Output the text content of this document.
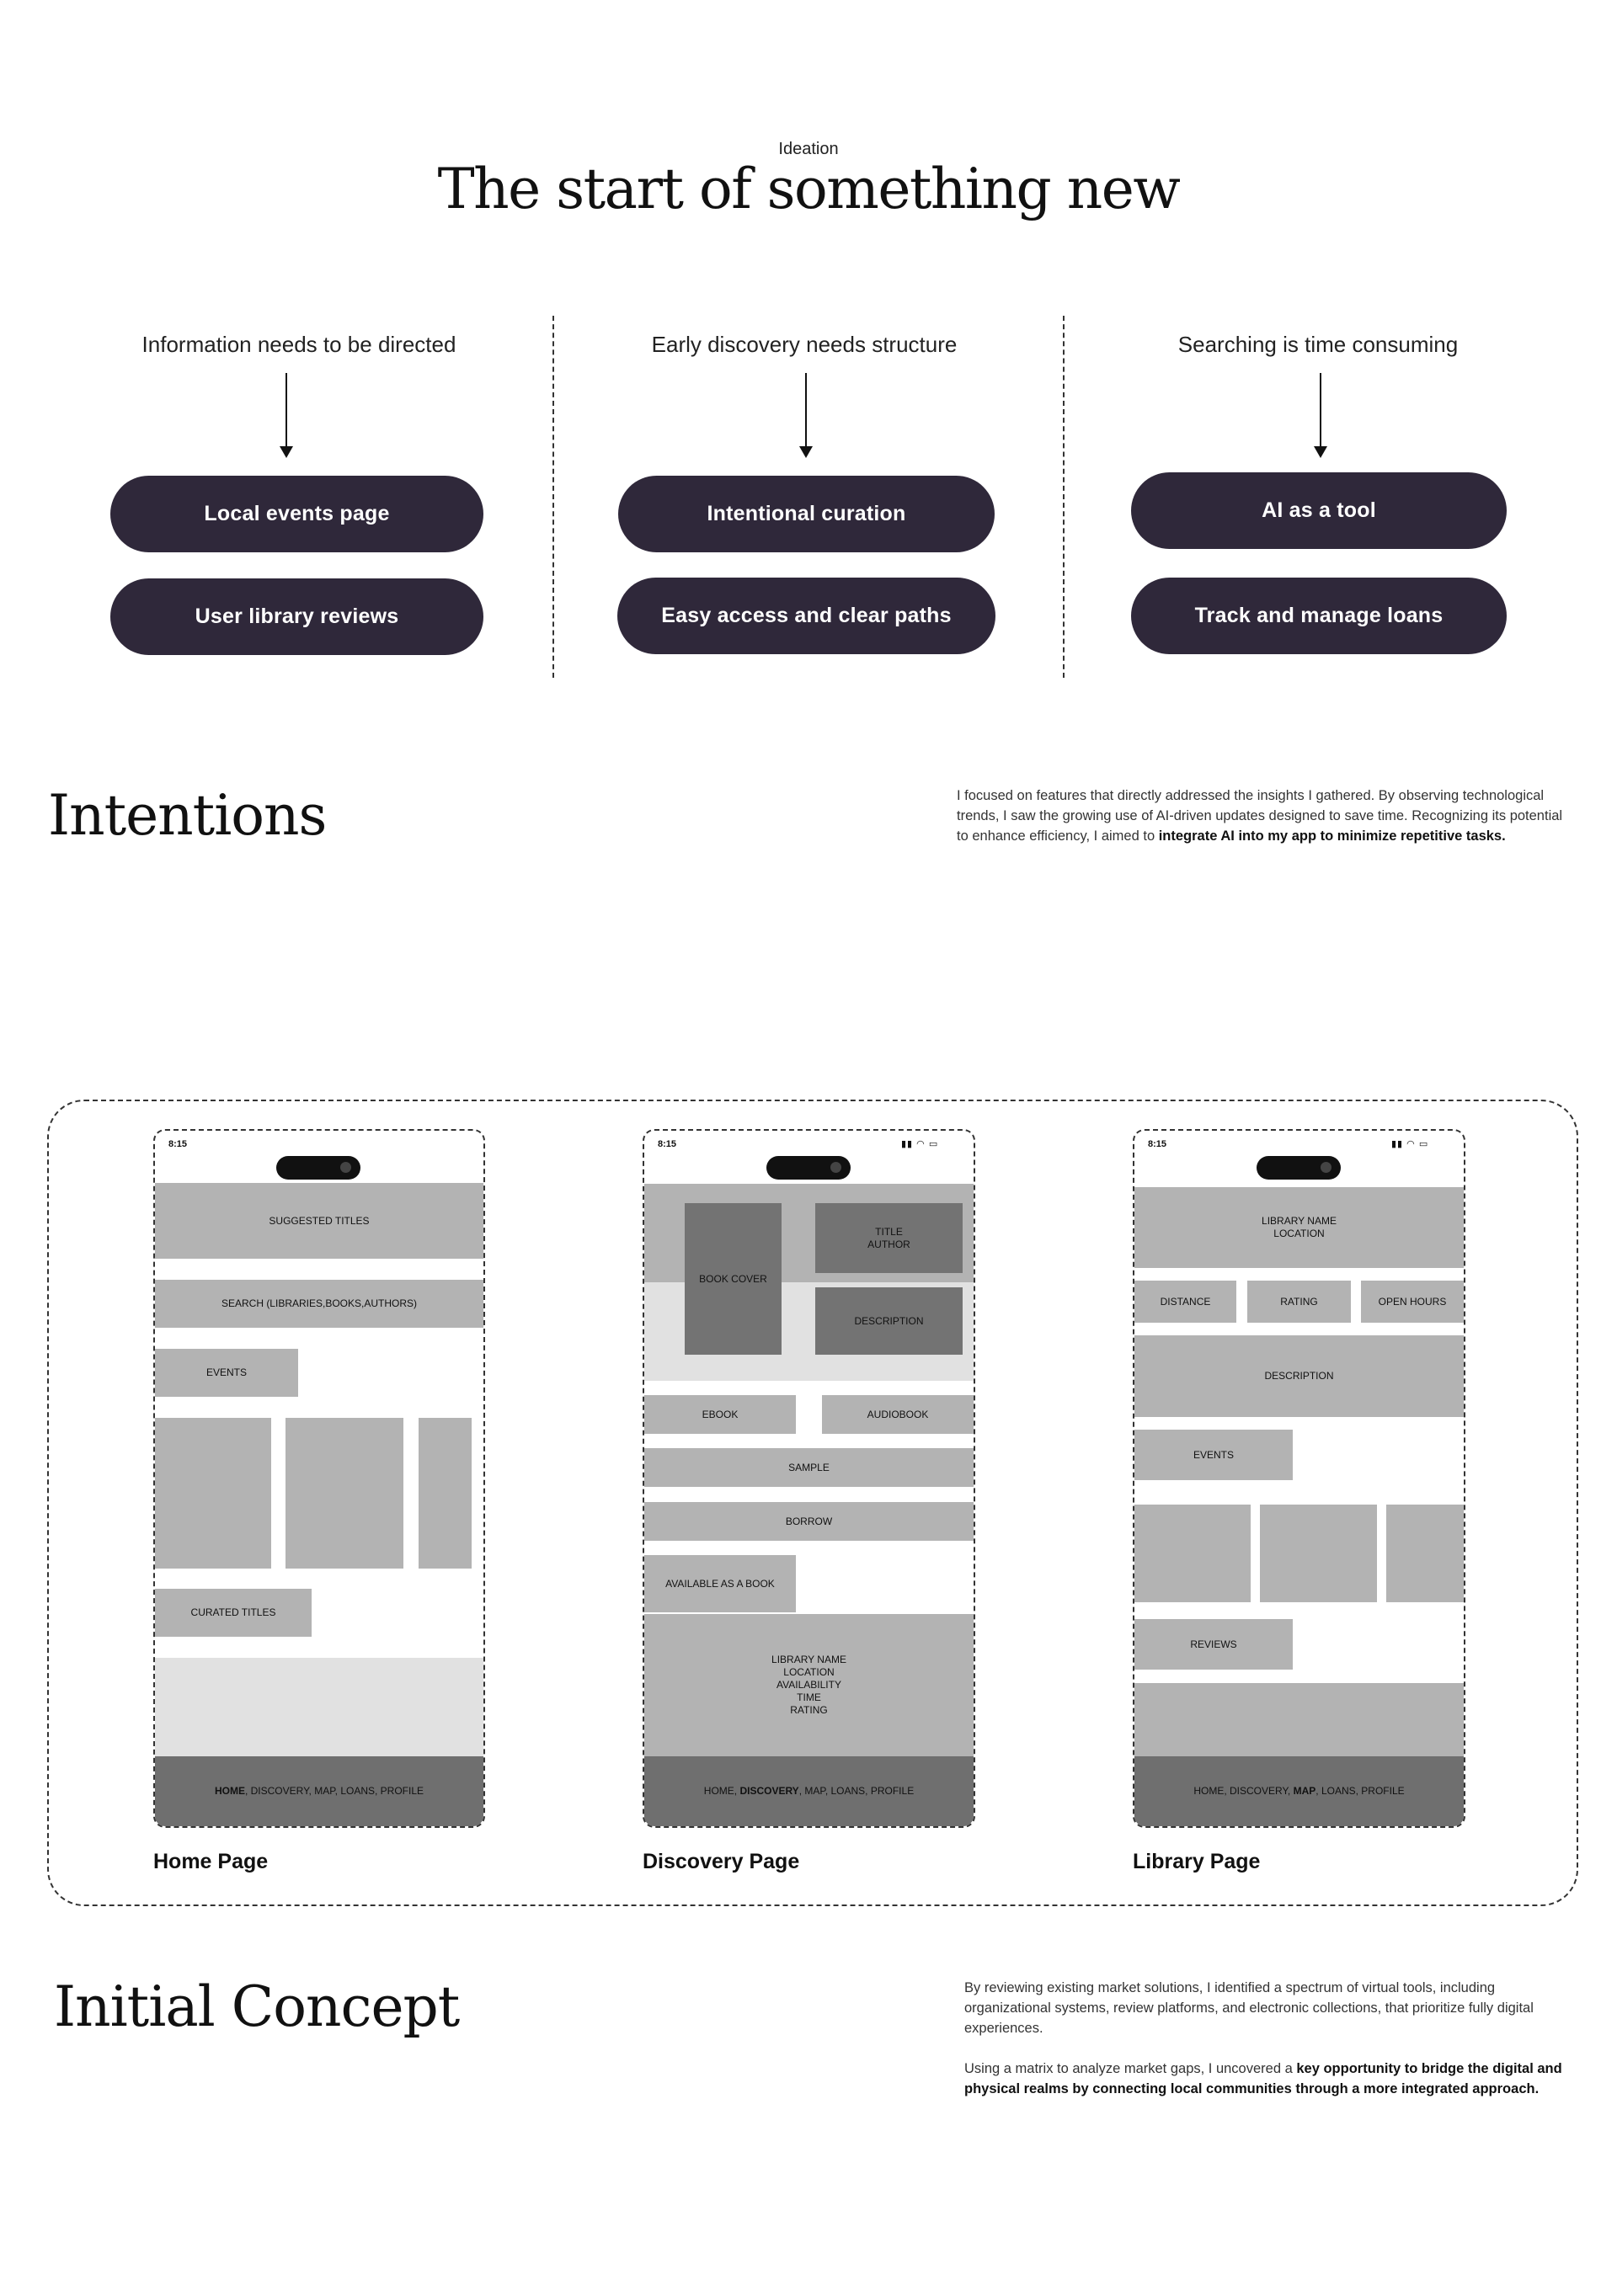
Ideation
The start of something new
Information needs to be directed
Local events page
User library reviews
Early discovery needs structure
Intentional curation
Easy access and clear paths
Searching is time consuming
AI as a tool
Track and manage loans
Intentions	I focused on features that directly addressed the insights I gathered. By observing technological trends, I saw the growing use of AI-driven updates designed to save time. Recognizing its potential to enhance efficiency, I aimed to integrate AI into my app to minimize repetitive tasks.
8:15
SUGGESTED TITLES
SEARCH (LIBRARIES,BOOKS,AUTHORS)
EVENTS
CURATED TITLES
HOME, DISCOVERY, MAP, LOANS, PROFILE
Home Page
8:15	▮▮ ◠ ▭
BOOK COVER
TITLE
AUTHOR
DESCRIPTION
EBOOK	AUDIOBOOK
SAMPLE
BORROW
AVAILABLE AS A BOOK
LIBRARY NAME
LOCATION
AVAILABILITY
TIME
RATING
HOME, DISCOVERY, MAP, LOANS, PROFILE
Discovery Page
8:15	▮▮ ◠ ▭
LIBRARY NAME
LOCATION
DISTANCE	RATING	OPEN HOURS
DESCRIPTION
EVENTS
REVIEWS
HOME, DISCOVERY, MAP, LOANS, PROFILE
Library Page
Initial Concept	By reviewing existing market solutions, I identified a spectrum of virtual tools, including organizational systems, review platforms, and electronic collections, that prioritize fully digital experiences.
Using a matrix to analyze market gaps, I uncovered a key opportunity to bridge the digital and physical realms by connecting local communities through a more integrated approach.
